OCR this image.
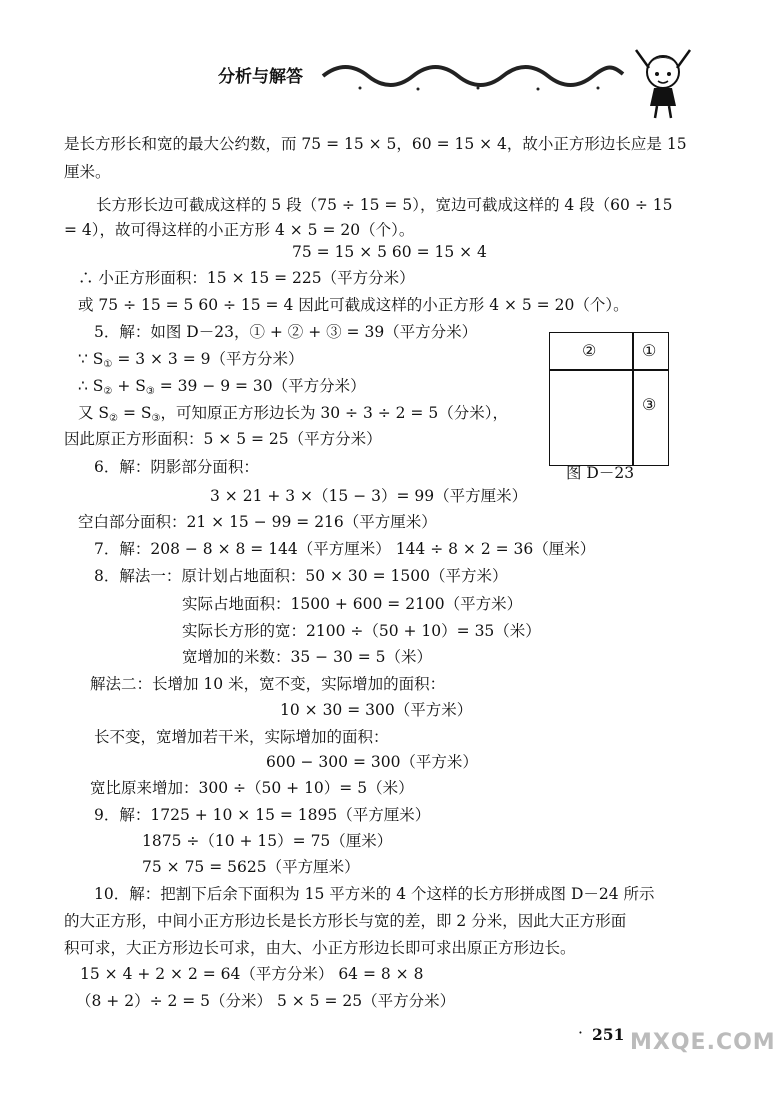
分析与解答
是长方形长和宽的最大公约数，而 75 = 15 × 5，60 = 15 × 4，故小正方形边长应是 15
厘米。
长方形长边可截成这样的 5 段（75 ÷ 15 = 5），宽边可截成这样的 4 段（60 ÷ 15
= 4），故可得这样的小正方形 4 × 5 = 20（个）。
75 = 15 × 5 60 = 15 × 4
∴ 小正方形面积：15 × 15 = 225（平方分米）
或 75 ÷ 15 = 5 60 ÷ 15 = 4 因此可截成这样的小正方形 4 × 5 = 20（个）。
5．解：如图 D－23，① + ② + ③ = 39（平方分米）
6．解：阴影部分面积：
3 × 21 + 3 ×（15 − 3）= 99（平方厘米）
空白部分面积：21 × 15 − 99 = 216（平方厘米）
7．解：208 − 8 × 8 = 144（平方厘米） 144 ÷ 8 × 2 = 36（厘米）
8．解法一：原计划占地面积：50 × 30 = 1500（平方米）
实际占地面积：1500 + 600 = 2100（平方米）
实际长方形的宽：2100 ÷（50 + 10）= 35（米）
宽增加的米数：35 − 30 = 5（米）
解法二：长增加 10 米，宽不变，实际增加的面积：
10 × 30 = 300（平方米）
长不变，宽增加若干米，实际增加的面积：
600 − 300 = 300（平方米）
宽比原来增加：300 ÷（50 + 10）= 5（米）
9．解：1725 + 10 × 15 = 1895（平方厘米）
1875 ÷（10 + 15）= 75（厘米）
75 × 75 = 5625（平方厘米）
10．解：把割下后余下面积为 15 平方米的 4 个这样的长方形拼成图 D－24 所示
的大正方形，中间小正方形边长是长方形长与宽的差，即 2 分米，因此大正方形面
积可求，大正方形边长可求，由大、小正方形边长即可求出原正方形边长。
15 × 4 + 2 × 2 = 64（平方分米） 64 = 8 × 8
（8 + 2）÷ 2 = 5（分米） 5 × 5 = 25（平方分米）
∵ $S_① = 3 \times 3 = 9$（平方分米）
∴ $S_② + S_③ = 39 - 9 = 30$（平方分米）
又 $S_② = S_③$，可知原正方形边长为 30 ÷ 3 ÷ 2 = 5（分米），
因此原正方形面积：5 × 5 = 25（平方分米）
②	①
③
图 D－23
· 251 MXQE.COM
